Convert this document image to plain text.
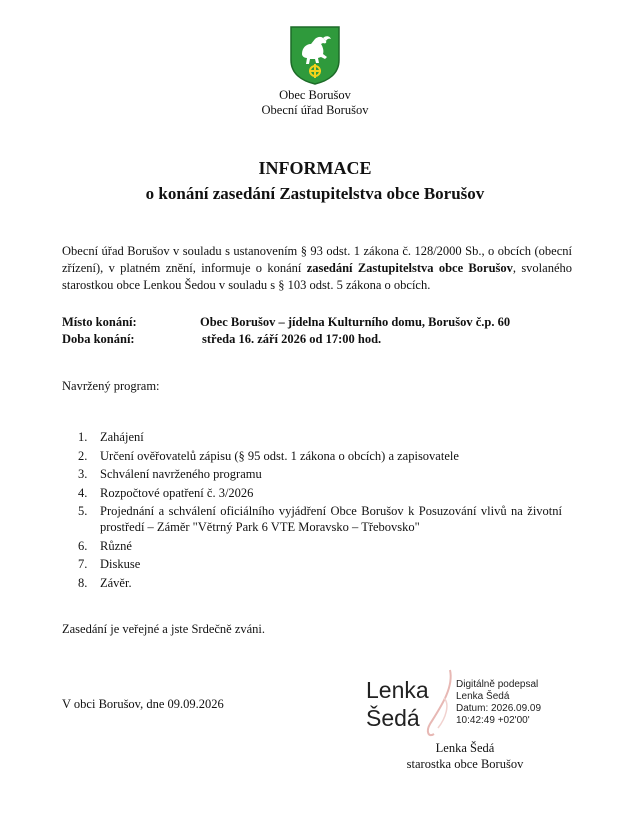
Obec Borušov
Obecní úřad Borušov
INFORMACE
o konání zasedání Zastupitelstva obce Borušov
Obecní úřad Borušov v souladu s ustanovením § 93 odst. 1 zákona č. 128/2000 Sb., o obcích (obecní zřízení), v platném znění, informuje o konání zasedání Zastupitelstva obce Borušov, svolaného starostkou obce Lenkou Šedou v souladu s § 103 odst. 5 zákona o obcích.
Místo konání:	Obec Borušov – jídelna Kulturního domu, Borušov č.p. 60
Doba konání:	středa 16. září 2026 od 17:00 hod.
Navržený program:
1. Zahájení
2. Určení ověřovatelů zápisu (§ 95 odst. 1 zákona o obcích) a zapisovatele
3. Schválení navrženého programu
4. Rozpočtové opatření č. 3/2026
5. Projednání a schválení oficiálního vyjádření Obce Borušov k Posuzování vlivů na životní prostředí – Záměr "Větrný Park 6 VTE Moravsko – Třebovsko"
6. Různé
7. Diskuse
8. Závěr.
Zasedání je veřejné a jste Srdečně zváni.
V obci Borušov, dne 09.09.2026
Lenka
Šedá
Digitálně podepsal
Lenka Šedá
Datum: 2026.09.09
10:42:49 +02'00'
Lenka Šedá
starostka obce Borušov
